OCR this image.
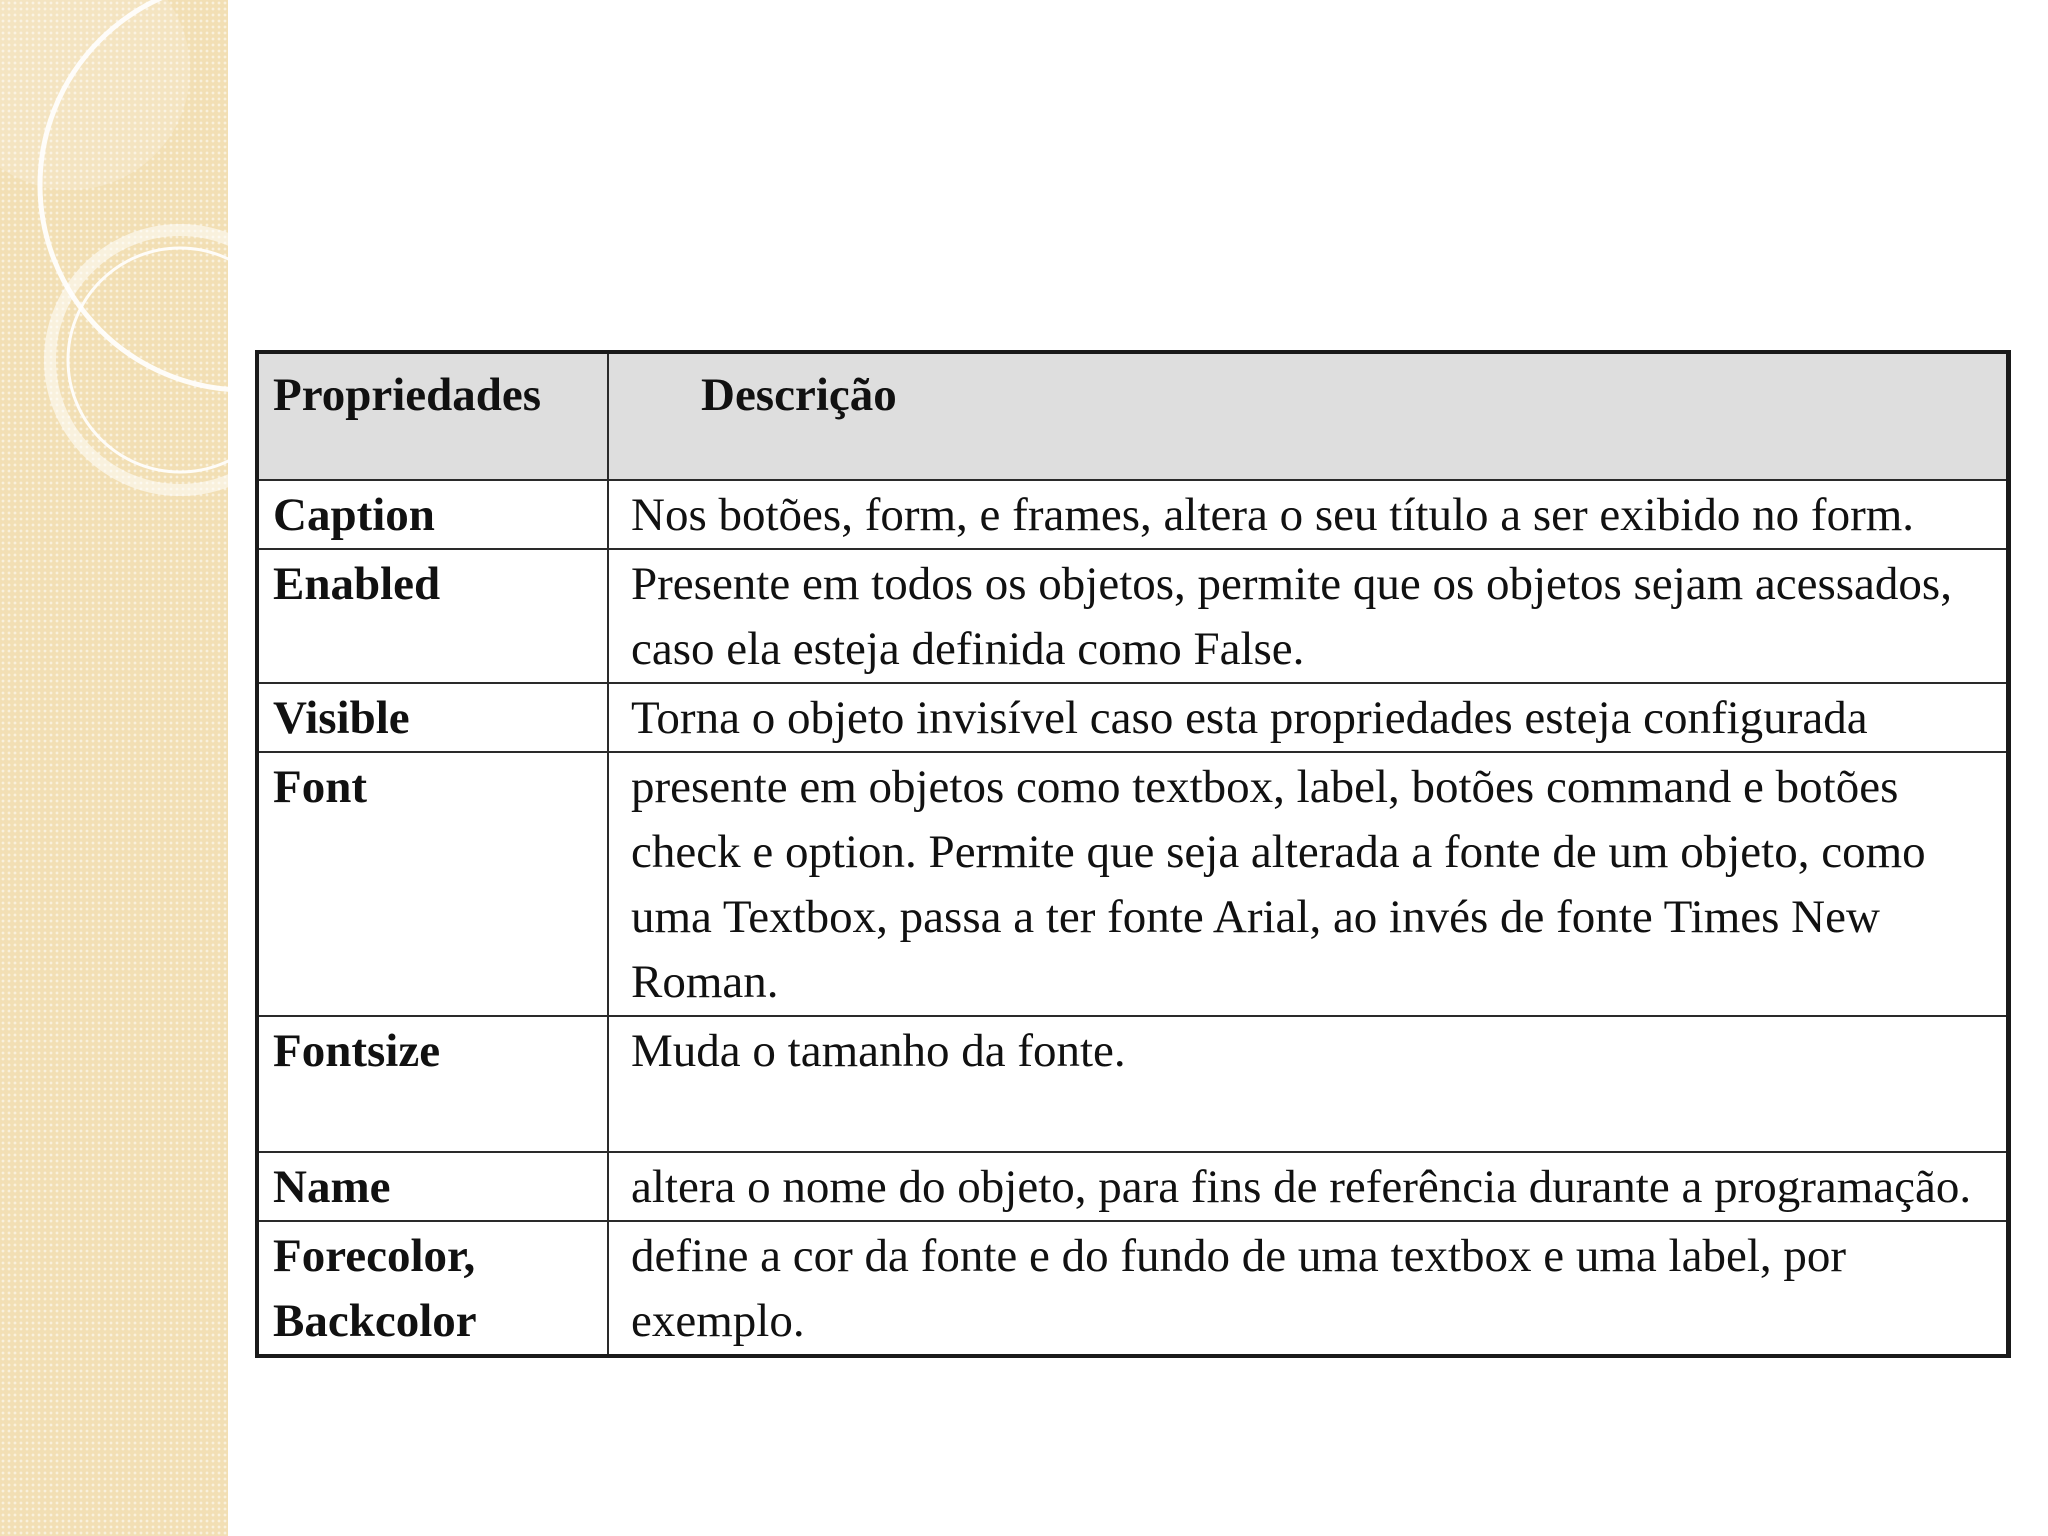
Propriedades	Descrição
Caption	Nos botões, form, e frames, altera o seu título a ser exibido no form.
Enabled	Presente em todos os objetos, permite que os objetos sejam acessados, caso ela esteja definida como False.
Visible	Torna o objeto invisível caso esta propriedades esteja configurada
Font	presente em objetos como textbox, label, botões command e botões check e option. Permite que seja alterada a fonte de um objeto, como uma Textbox, passa a ter fonte Arial, ao invés de fonte Times New Roman.
Fontsize	Muda o tamanho da fonte.
Name	altera o nome do objeto, para fins de referência durante a programação.
Forecolor, Backcolor	define a cor da fonte e do fundo de uma textbox e uma label, por exemplo.
